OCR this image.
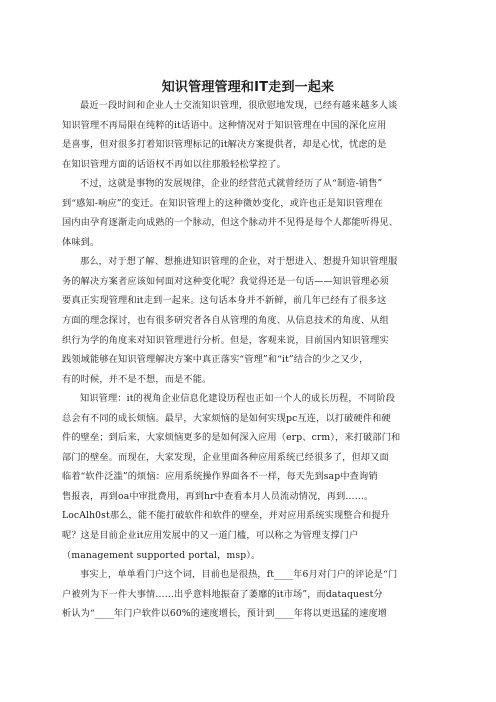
知识管理管理和IT走到一起来
最近一段时间和企业人士交流知识管理，很欣慰地发现，已经有越来越多人谈
知识管理不再局限在纯粹的it话语中。这种情况对于知识管理在中国的深化应用
是喜事，但对很多打着知识管理标记的it解决方案提供者，却是心忧，忧虑的是
在知识管理方面的话语权不再如以往那般轻松掌控了。
不过，这就是事物的发展规律，企业的经营范式就曾经历了从“制造-销售”
到“感知-响应”的变迁。在知识管理上的这种微妙变化，或许也正是知识管理在
国内由孕育逐渐走向成熟的一个脉动，但这个脉动并不见得是每个人都能听得见、
体味到。
那么，对于想了解、想推进知识管理的企业，对于想进入、想提升知识管理服
务的解决方案者应该如何面对这种变化呢？我觉得还是一句话——知识管理必须
要真正实现管理和it走到一起来。这句话本身并不新鲜，前几年已经有了很多这
方面的理念探讨，也有很多研究者各自从管理的角度、从信息技术的角度、从组
织行为学的角度来对知识管理进行分析。但是，客观来说，目前国内知识管理实
践领域能够在知识管理解决方案中真正落实“管理”和“it”结合的少之又少，
有的时候，并不是不想，而是不能。
知识管理：it的视角企业信息化建设历程也正如一个人的成长历程，不同阶段
总会有不同的成长烦恼。最早，大家烦恼的是如何实现pc互连，以打破硬件和硬
件的壁垒；到后来，大家烦恼更多的是如何深入应用（erp、crm），来打破部门和
部门的壁垒。而现在，大家发现，企业里面各种应用系统已经很多了，但却又面
临着“软件泛滥”的烦恼：应用系统操作界面各不一样，每天先到sap中查询销
售报表，再到oa中审批费用，再到hr中查看本月人员流动情况，再到……。
LocAlh0st那么，能不能打破软件和软件的壁垒，并对应用系统实现整合和提升
呢？这是目前企业it应用发展中的又一道门槛，可以称之为管理支撑门户
（management supported portal，msp）。
事实上，单单看门户这个词，目前也是很热，ft____年6月对门户的评论是“门
户被列为下一件大事情……出乎意料地振奋了萎靡的it市场”，而dataquest分
析认为“____年门户软件以60%的速度增长，预计到____年将以更迅猛的速度增
